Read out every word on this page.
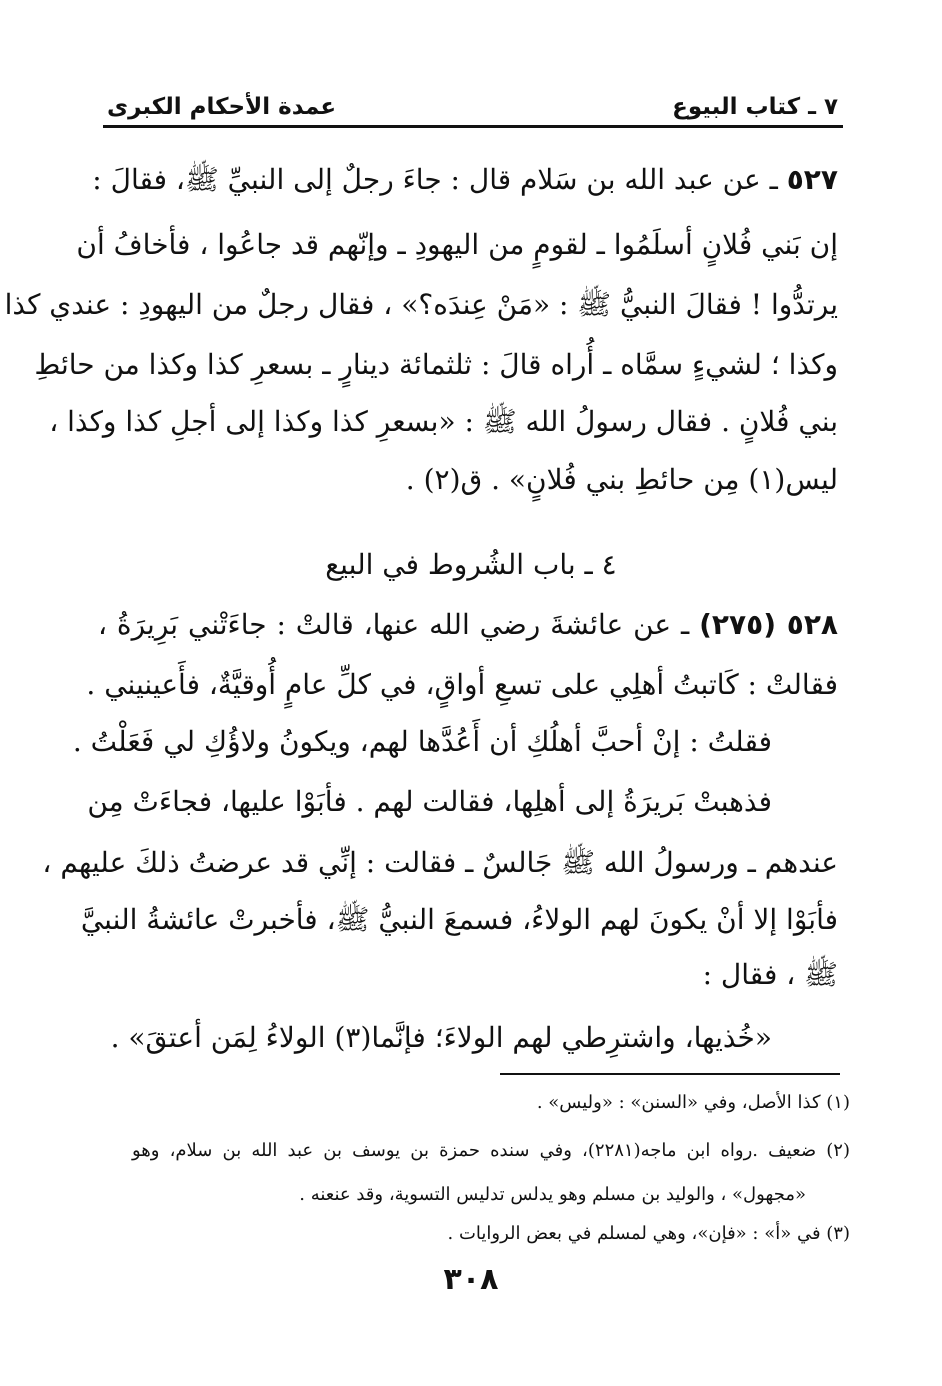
٧ ـ كتاب البيوع
عمدة الأحكام الكبرى
٥٢٧ ـ عن عبد الله بن سَلام قال : جاءَ رجلٌ إلى النبيِّ ﷺ، فقالَ :
إن بَني فُلانٍ أسلَمُوا ـ لقومٍ من اليهودِ ـ وإنّهم قد جاعُوا ، فأخافُ أن
يرتدُّوا ! فقالَ النبيُّ ﷺ : «مَنْ عِندَه؟» ، فقال رجلٌ من اليهودِ : عندي كذا
وكذا ؛ لشيءٍ سمَّاه ـ أُراه قالَ : ثلثمائة دينارٍ ـ بسعرِ كذا وكذا من حائطِ
بني فُلانٍ . فقال رسولُ الله ﷺ : «بسعرِ كذا وكذا إلى أجلِ كذا وكذا ،
ليس(١) مِن حائطِ بني فُلانٍ» . ق(٢) .
٤ ـ باب الشُروط في البيع
٥٢٨ (٢٧٥) ـ عن عائشةَ رضي الله عنها، قالتْ : جاءَتْني بَرِيرَةُ ،
فقالتْ : كَاتبتُ أهلِي على تسعِ أواقٍ، في كلِّ عامٍ أُوقيَّةٌ، فأَعينيني .
فقلتُ : إنْ أحبَّ أهلُكِ أن أَعُدَّها لهم، ويكونُ ولاؤُكِ لي فَعَلْتُ .
فذهبتْ بَريرَةُ إلى أهلِها، فقالت لهم . فأبَوْا عليها، فجاءَتْ مِن
عندهم ـ ورسولُ الله ﷺ جَالسٌ ـ فقالت : إنِّي قد عرضتُ ذلكَ عليهم ،
فأبَوْا إلا أنْ يكونَ لهم الولاءُ، فسمعَ النبيُّ ﷺ، فأخبرتْ عائشةُ النبيَّ
ﷺ ، فقال :
«خُذيها، واشترِطي لهم الولاءَ؛ فإنَّما(٣) الولاءُ لِمَن أعتقَ» .
(١) كذا الأصل، وفي «السنن» : «وليس» .
(٢) ضعيف .رواه ابن ماجه(٢٢٨١)، وفي سنده حمزة بن يوسف بن عبد الله بن سلام، وهو
«مجهول» ، والوليد بن مسلم وهو يدلس تدليس التسوية، وقد عنعنه .
(٣) في «أ» : «فإن»، وهي لمسلم في بعض الروايات .
٣٠٨
